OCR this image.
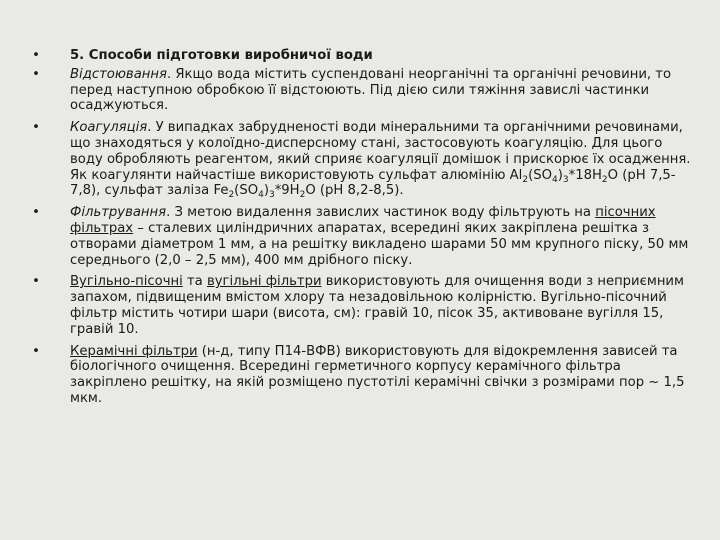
• 5. Способи підготовки виробничої води
• Відстоювання. Якщо вода містить суспендовані неорганічні та органічні речовини, то перед наступною обробкою її відстоюють. Під дією сили тяжіння завислі частинки осаджуються.
• Коагуляція. У випадках забрудненості води мінеральними та органічними речовинами, що знаходяться у колоїдно-дисперсному стані, застосовують коагуляцію. Для цього воду обробляють реагентом, який сприяє коагуляції домішок і прискорює їх осадження. Як коагулянти найчастіше використовують сульфат алюмінію $Al_2(SO_4)_3*18H_2O$ (pH 7,5-7,8), сульфат заліза $Fe_2(SO_4)_3*9H_2O$ (pH 8,2-8,5).
• Фільтрування. З метою видалення завислих частинок воду фільтрують на пісочних фільтрах – сталевих циліндричних апаратах, всередині яких закріплена решітка з отворами діаметром 1 мм, а на решітку викладено шарами 50 мм крупного піску, 50 мм середнього (2,0 – 2,5 мм), 400 мм дрібного піску.
• Вугільно-пісочні та вугільні фільтри використовують для очищення води з неприємним запахом, підвищеним вмістом хлору та незадовільною колірністю. Вугільно-пісочний фільтр містить чотири шари (висота, см): гравій 10, пісок 35, активоване вугілля 15, гравій 10.
• Керамічні фільтри (н-д, типу П14-ВФВ) використовують для відокремлення зависей та біологічного очищення. Всередині герметичного корпусу керамічного фільтра закріплено решітку, на якій розміщено пустотілі керамічні свічки з розмірами пор ~ 1,5 мкм.
